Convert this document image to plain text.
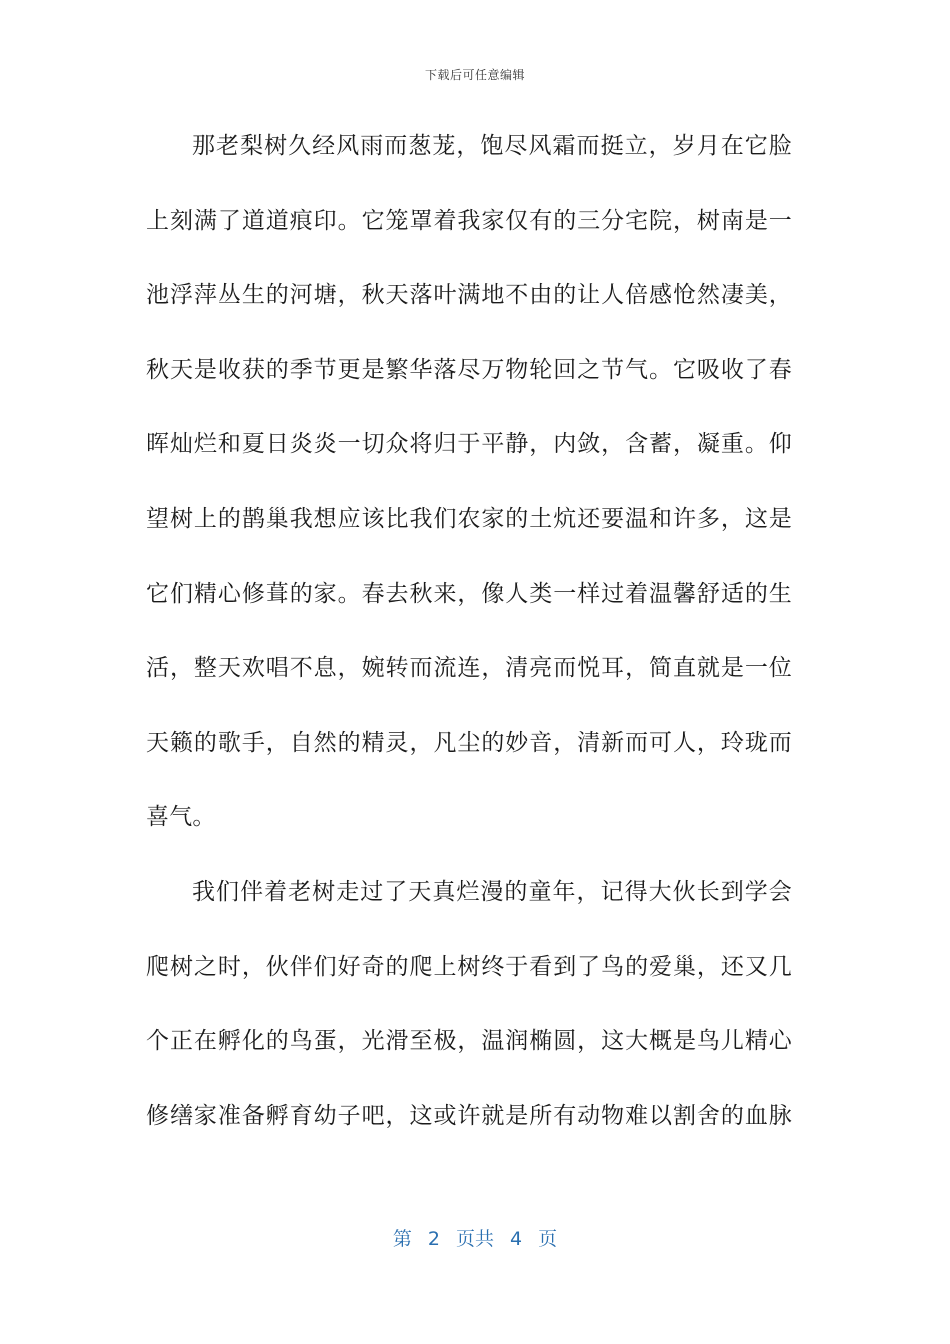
下载后可任意编辑
那老梨树久经风雨而葱茏，饱尽风霜而挺立，岁月在它脸
上刻满了道道痕印。它笼罩着我家仅有的三分宅院，树南是一
池浮萍丛生的河塘，秋天落叶满地不由的让人倍感怆然凄美，
秋天是收获的季节更是繁华落尽万物轮回之节气。它吸收了春
晖灿烂和夏日炎炎一切众将归于平静，内敛，含蓄，凝重。仰
望树上的鹊巢我想应该比我们农家的土炕还要温和许多，这是
它们精心修葺的家。春去秋来，像人类一样过着温馨舒适的生
活，整天欢唱不息，婉转而流连，清亮而悦耳，简直就是一位
天籁的歌手，自然的精灵，凡尘的妙音，清新而可人，玲珑而
喜气。
我们伴着老树走过了天真烂漫的童年，记得大伙长到学会
爬树之时，伙伴们好奇的爬上树终于看到了鸟的爱巢，还又几
个正在孵化的鸟蛋，光滑至极，温润椭圆，这大概是鸟儿精心
修缮家准备孵育幼子吧，这或许就是所有动物难以割舍的血脉
第 2 页共 4 页
